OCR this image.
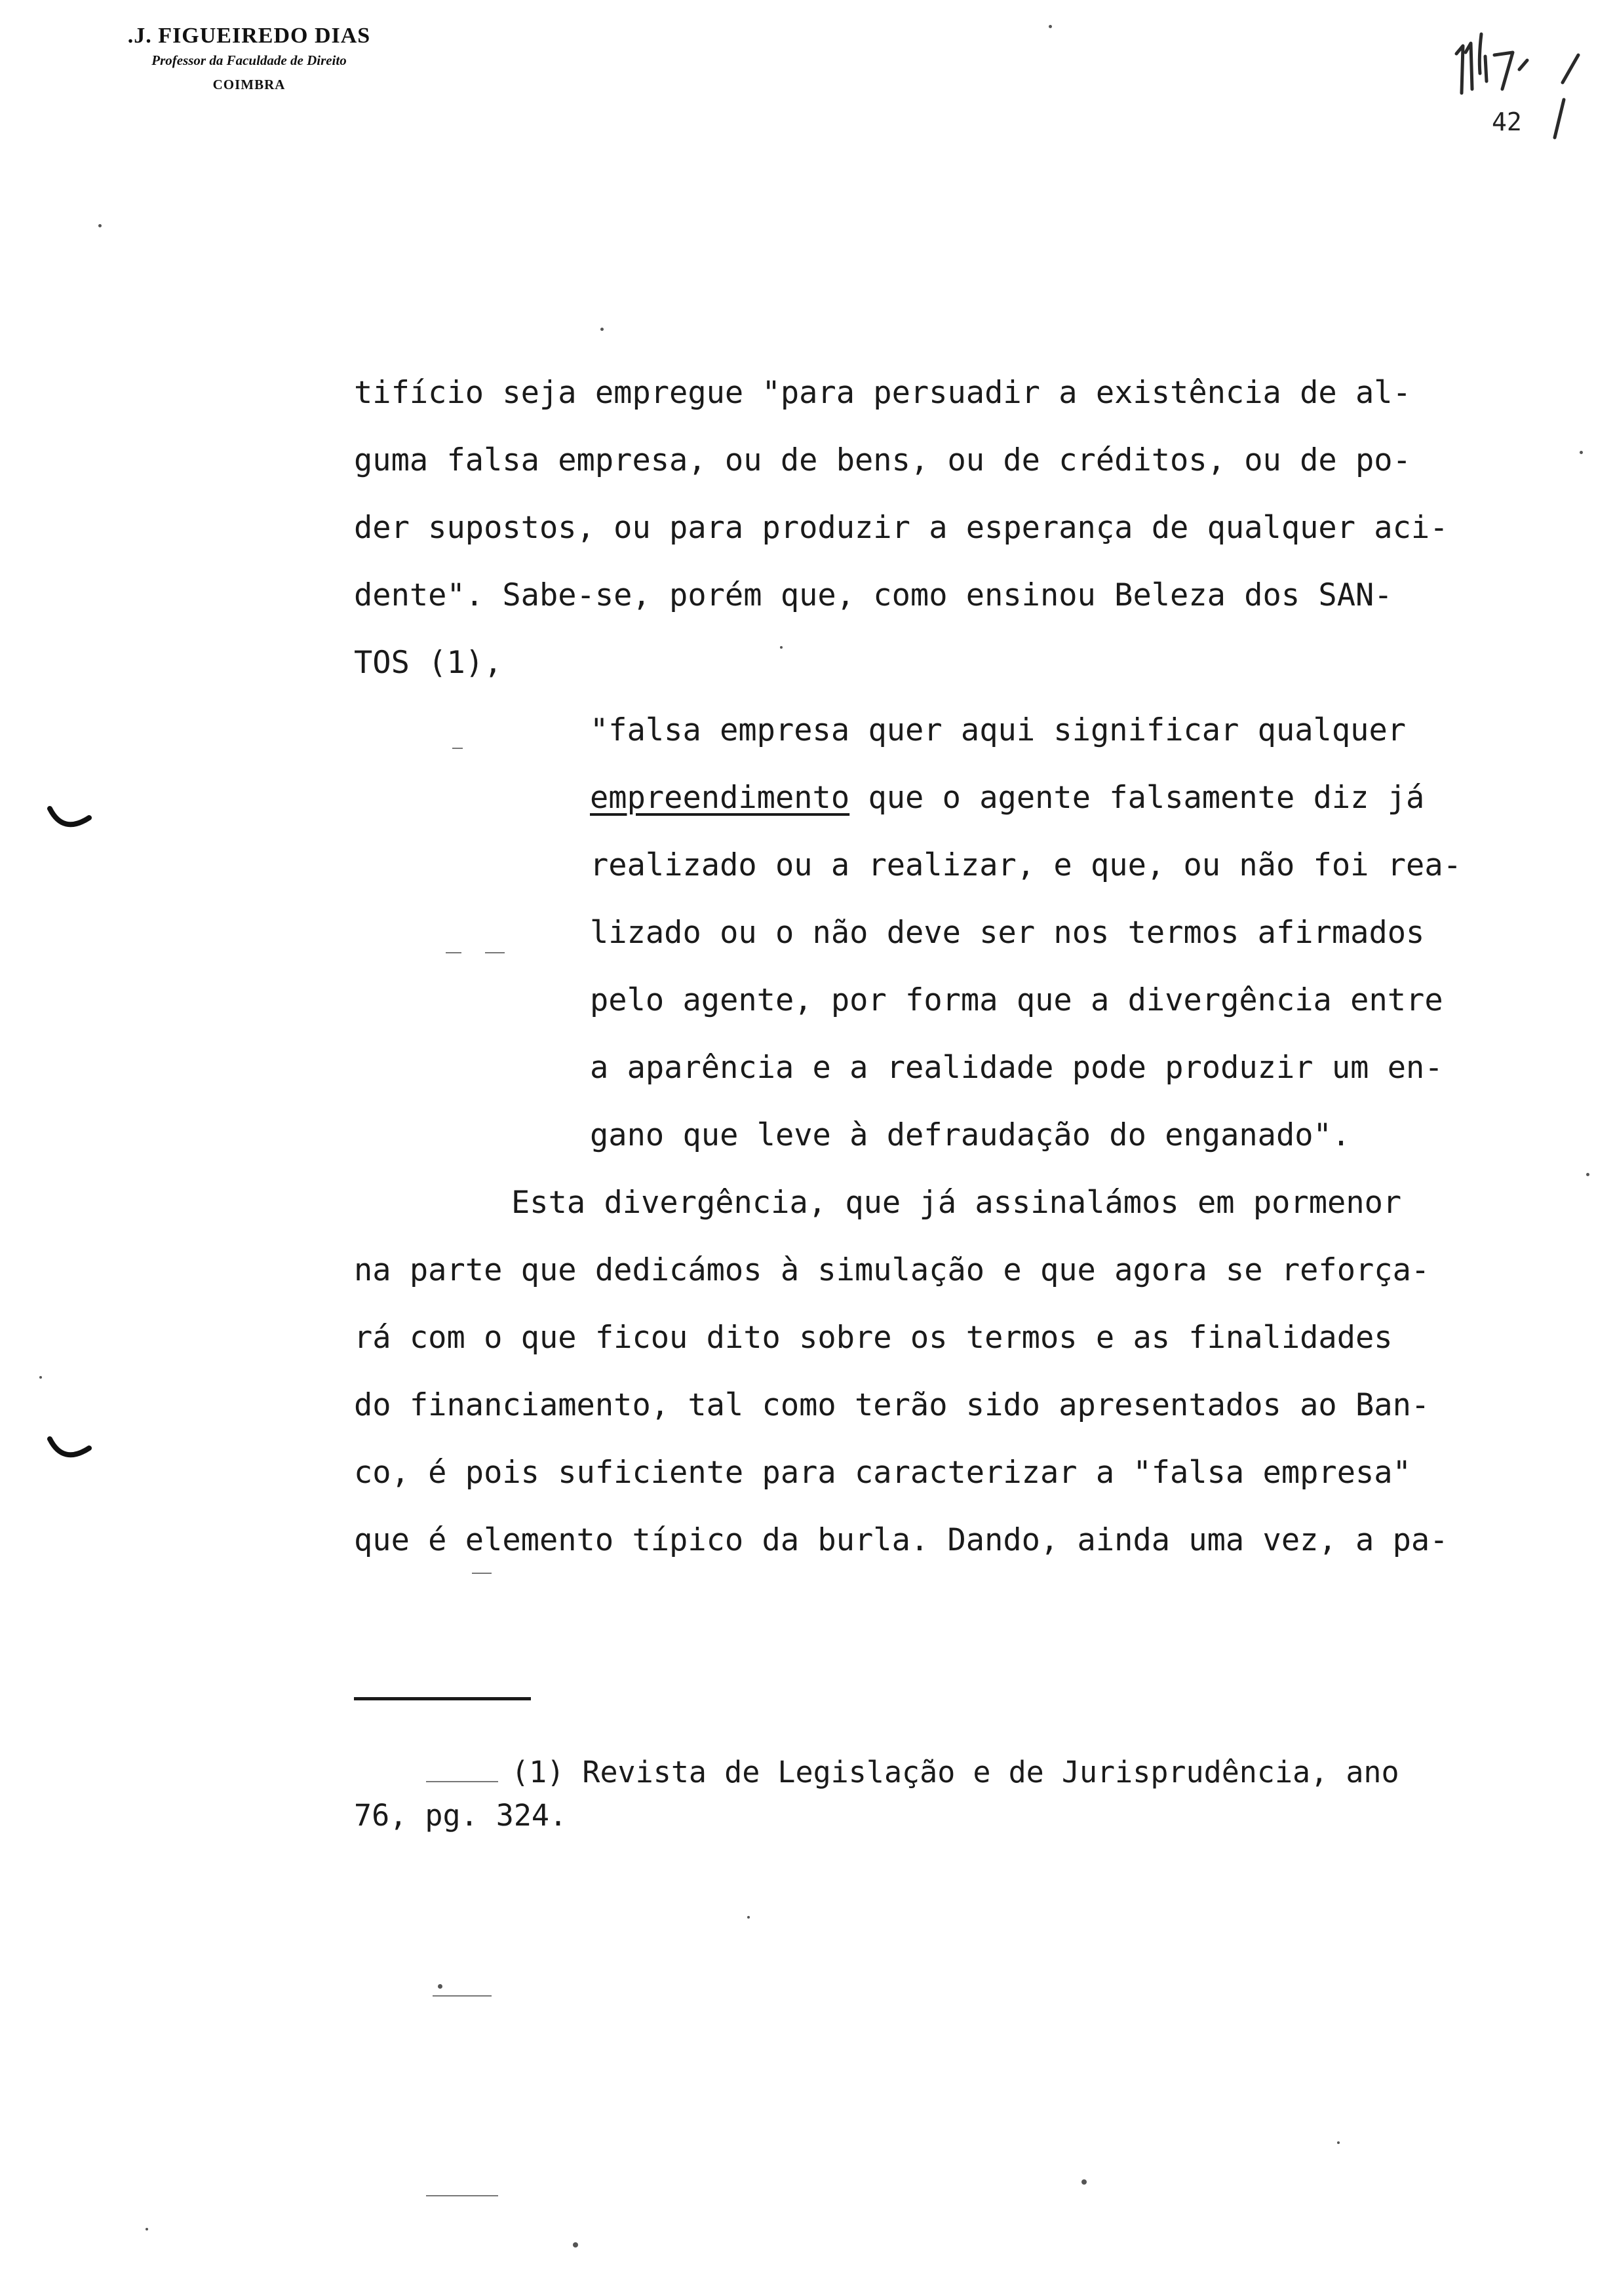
.J. FIGUEIREDO DIAS
Professor da Faculdade de Direito
COIMBRA
42
tifício seja empregue "para persuadir a existência de al-
guma falsa empresa, ou de bens, ou de créditos, ou de po-
der supostos, ou para produzir a esperança de qualquer aci-
dente". Sabe-se, porém que, como ensinou Beleza dos SAN-
TOS (1),
"falsa empresa quer aqui significar qualquer
empreendimento que o agente falsamente diz já
realizado ou a realizar, e que, ou não foi rea-
lizado ou o não deve ser nos termos afirmados
pelo agente, por forma que a divergência entre
a aparência e a realidade pode produzir um en-
gano que leve à defraudação do enganado".
Esta divergência, que já assinalámos em pormenor
na parte que dedicámos à simulação e que agora se reforça-
rá com o que ficou dito sobre os termos e as finalidades
do financiamento, tal como terão sido apresentados ao Ban-
co, é pois suficiente para caracterizar a "falsa empresa"
que é elemento típico da burla. Dando, ainda uma vez, a pa-
(1) Revista de Legislação e de Jurisprudência, ano
76, pg. 324.
